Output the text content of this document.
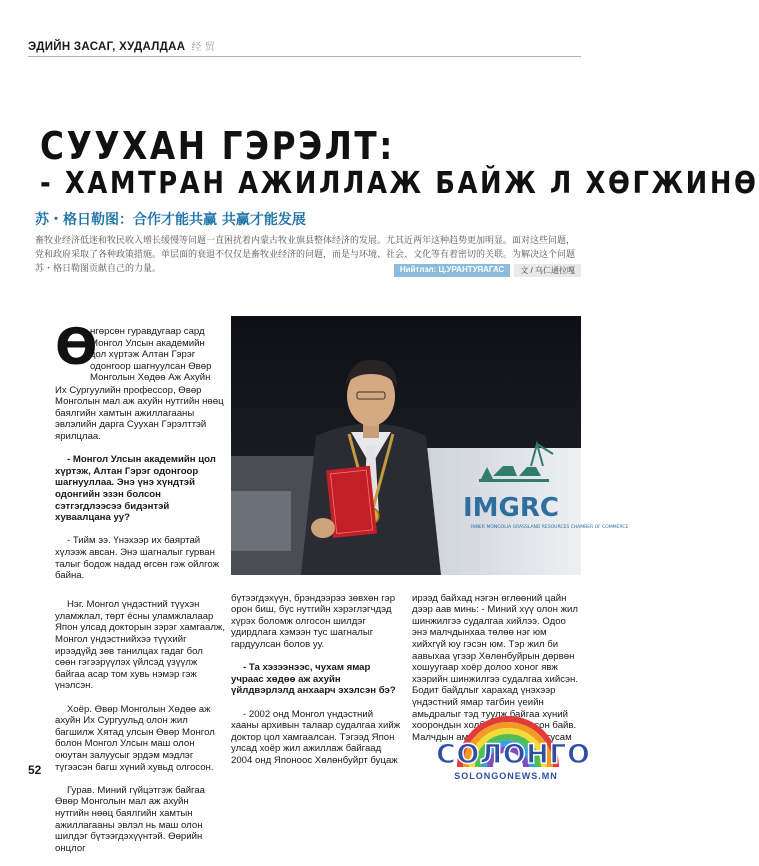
ЭДИЙН ЗАСАГ, ХУДАЛДАА 经 贸
СУУХАН ГЭРЭЛТ:
- ХАМТРАН АЖИЛЛАЖ БАЙЖ Л ХӨГЖИНӨ
苏・格日勒图：合作才能共赢 共赢才能发展
畜牧业经济低迷和牧民收入增长缓慢等问题一直困扰着内蒙古牧业旗县整体经济的发展。尤其近两年这种趋势更加明显。面对这些问题，党和政府采取了各种政策措施。单层面的衰退不仅仅是畜牧业经济的问题，而是与环境、社会、文化等有着密切的关联。为解决这个问题苏・格日勒图贡献自己的力量。	Нийтлэл: Ц.УРАНТУЯАГАС	文 / 乌仁通拉嘎
Ө
нгөрсөн гуравдугаар сард
Монгол Улсын академийн
цол хүртэж Алтан Гэрэг
одонгоор шагнуулсан Өвөр
Монголын Хөдөө Аж Ахуйн

Их Сургуулийн профессор, Өвөр Монголын мал аж ахуйн нутгийн нөөц баялгийн хамтын ажиллагааны эвлэлийн дарга Сууxан Гэрэлттэй ярилцлаа.

- Монгол Улсын академийн цол хүртэж, Алтан Гэрэг одонгоор шагнууллаа. Энэ үнэ хүндтэй одонгийн эзэн болсон сэтгэгдлээсээ бидэнтэй хуваалцана уу?

- Тийм ээ. Үнэхээр их баяртай хүлээж авсан. Энэ шагналыг гурван талыг бодож надад өгсөн гэж ойлгож байна.

Нэг. Монгол үндэстний түүхэн уламжлал, төрт ёсны уламжлалаар Япон улсад докторын зэрэг хамгаалж, Монгол үндэстнийхээ түүхийг ирээдүйд зөв танилцах гадаг бол сөөн гэгээрүүлэх үйлсэд үзүүлж байгаа асар том хувь нэмэр гэж үнэлсэн.

Хоёр. Өвөр Монголын Хөдөө аж ахуйн Их Сургуульд олон жил багшилж Хятад улсын Өвөр Монгол болон Монгол Улсын маш олон оюутан залуусыг эрдэм мэдлэг түгээсэн багш хүний хувьд олгосон.

Гурав. Миний гүйцэтгэж байгаа Өвөр Монголын мал аж ахуйн нутгийн нөөц баялгийн хамтын ажиллагааны эвлэл нь маш олон шилдэг бүтээгдэхүүнтэй. Өөрийн онцлог

IMGRC
INNER MONGOLIA GRASSLAND RESOURCES CHAMBER OF COMMERCE

бүтээгдэхүүн, брэндээрээ зөвхөн гэр орон биш, бүс нутгийн хэрэглэгчдэд хүрэх боломж олгосон шилдэг удирдлага хэмээн тус шагналыг гардуулсан болов уу.

- Та хэзээнээс, чухам ямар учраас хөдөө аж ахуйн үйлдвэрлэлд анхаарч эхэлсэн бэ?

- 2002 онд Монгол үндэстний хааны архивын талаар судалгаа хийж доктор цол хамгаалсан. Тэгээд Япон улсад хоёр жил ажиллаж байгаад 2004 онд Японоос Хөлөнбуйрт буцаж

ирээд байхад нэгэн өглөөний цайн дээр аав минь: - Миний хүү олон жил шинжилгээ судалгаа хийлээ. Одоо энэ малчдынхаа төлөө нэг юм хийхгүй юу гэсэн юм. Тэр жил би аавыхаа үгээр Хөлөнбуйрын дөрвөн хошуугаар хоёр долоо хоног явж хээрийн шинжилгээ судалгаа хийсэн. Бодит байдлыг харахад үнэхээр үндэстний ямар тагбин үеийн амьдралыг тэд туулж байгаа хүний хоорондын холбоо ийм болсон байв. Малчдын амьдрал ямар ирэх тусам

52	СОЛОНГО
SOLONGONEWS.MN
